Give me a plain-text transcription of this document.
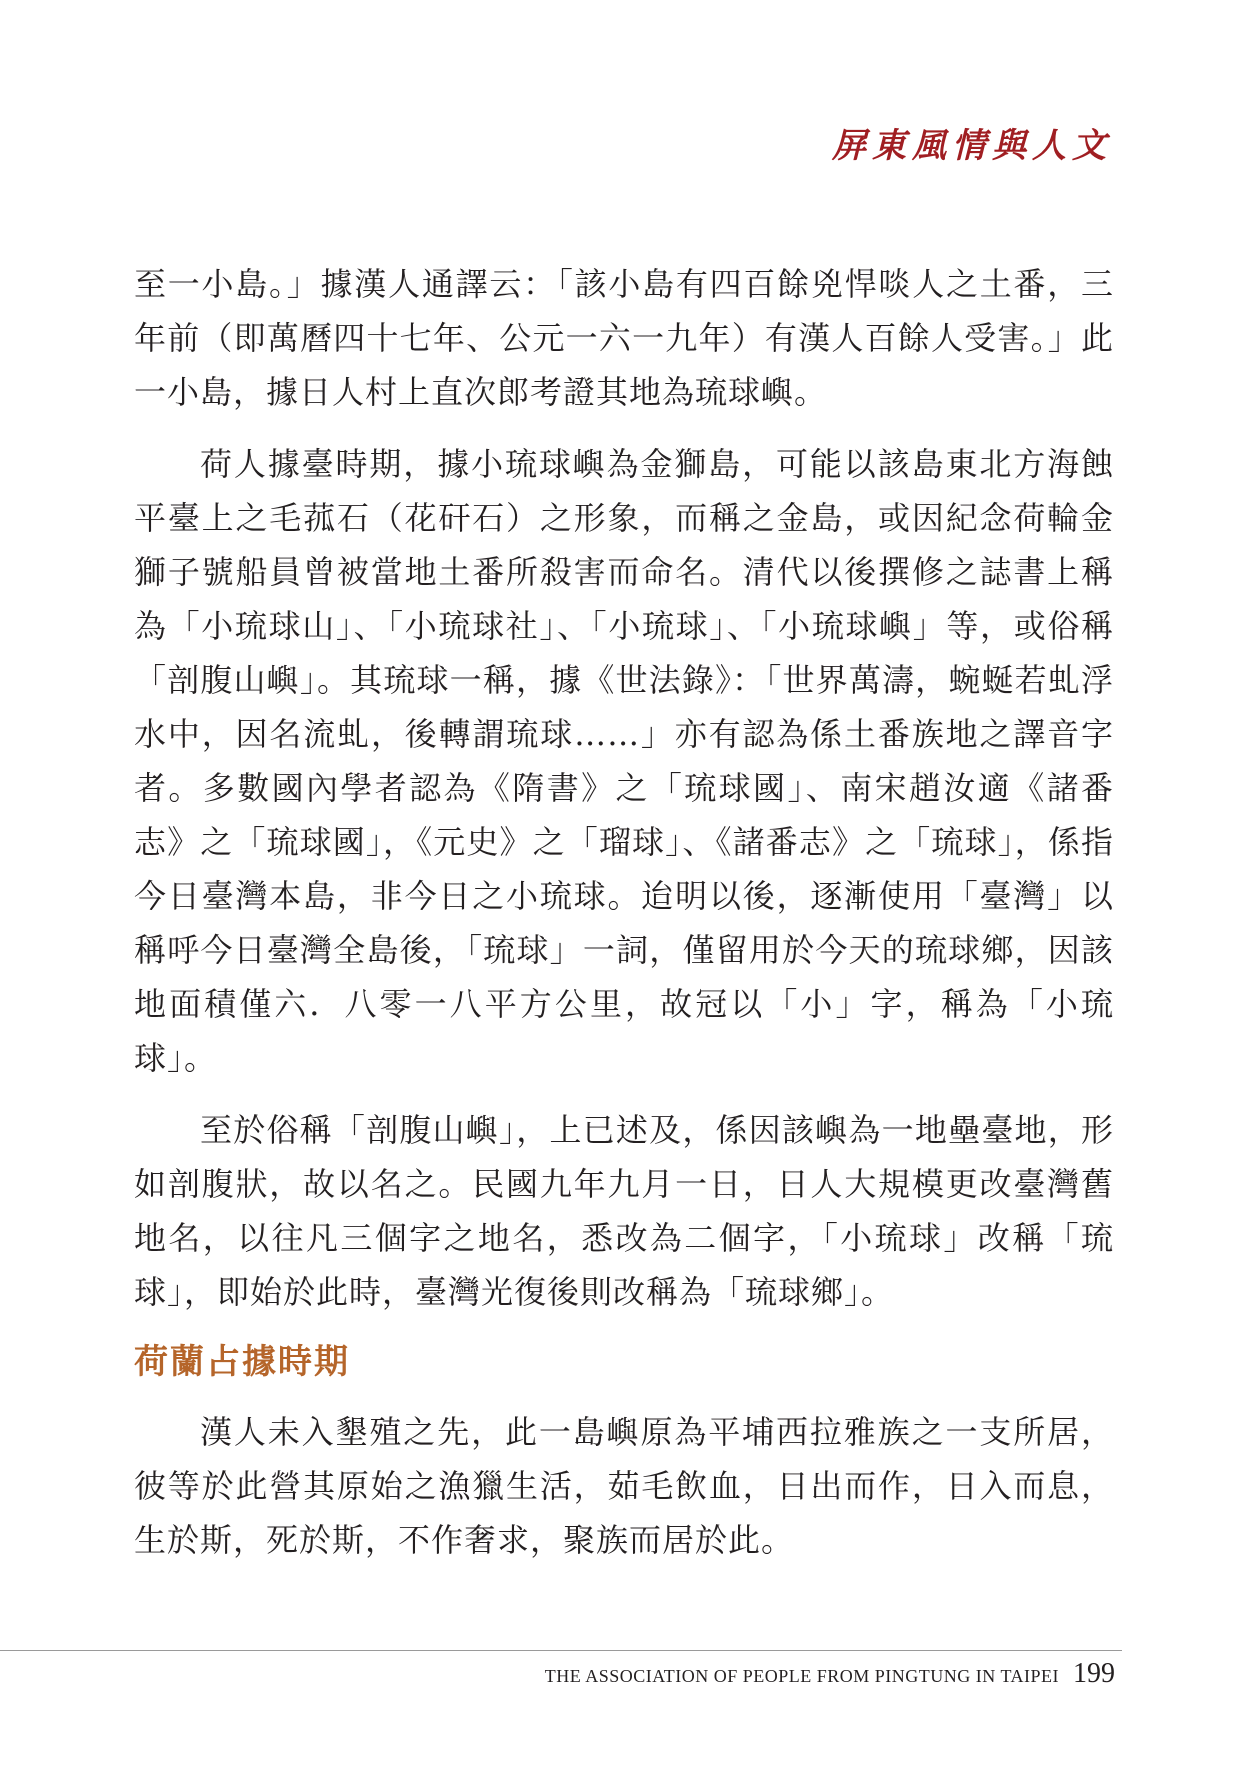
屏東風情與人文

至一小島。」據漢人通譯云：「該小島有四百餘兇悍啖人之土番，三年前（即萬曆四十七年、公元一六一九年）有漢人百餘人受害。」此一小島，據日人村上直次郎考證其地為琉球嶼。

荷人據臺時期，據小琉球嶼為金獅島，可能以該島東北方海蝕平臺上之毛菰石（花矸石）之形象，而稱之金島，或因紀念荷輪金獅子號船員曾被當地土番所殺害而命名。清代以後撰修之誌書上稱為「小琉球山」、「小琉球社」、「小琉球」、「小琉球嶼」等，或俗稱「剖腹山嶼」。其琉球一稱，據《世法錄》：「世界萬濤，蜿蜒若虬浮水中，因名流虬，後轉謂琉球……」亦有認為係土番族地之譯音字者。多數國內學者認為《隋書》之「琉球國」、南宋趙汝適《諸番志》之「琉球國」，《元史》之「瑠球」、《諸番志》之「琉球」，係指今日臺灣本島，非今日之小琉球。迨明以後，逐漸使用「臺灣」以稱呼今日臺灣全島後，「琉球」一詞，僅留用於今天的琉球鄉，因該地面積僅六．八零一八平方公里，故冠以「小」字，稱為「小琉球」。

至於俗稱「剖腹山嶼」，上已述及，係因該嶼為一地壘臺地，形如剖腹狀，故以名之。民國九年九月一日，日人大規模更改臺灣舊地名，以往凡三個字之地名，悉改為二個字，「小琉球」改稱「琉球」，即始於此時，臺灣光復後則改稱為「琉球鄉」。

荷蘭占據時期

漢人未入墾殖之先，此一島嶼原為平埔西拉雅族之一支所居，彼等於此營其原始之漁獵生活，茹毛飲血，日出而作，日入而息，生於斯，死於斯，不作奢求，聚族而居於此。

THE ASSOCIATION OF PEOPLE FROM PINGTUNG IN TAIPEI 199
